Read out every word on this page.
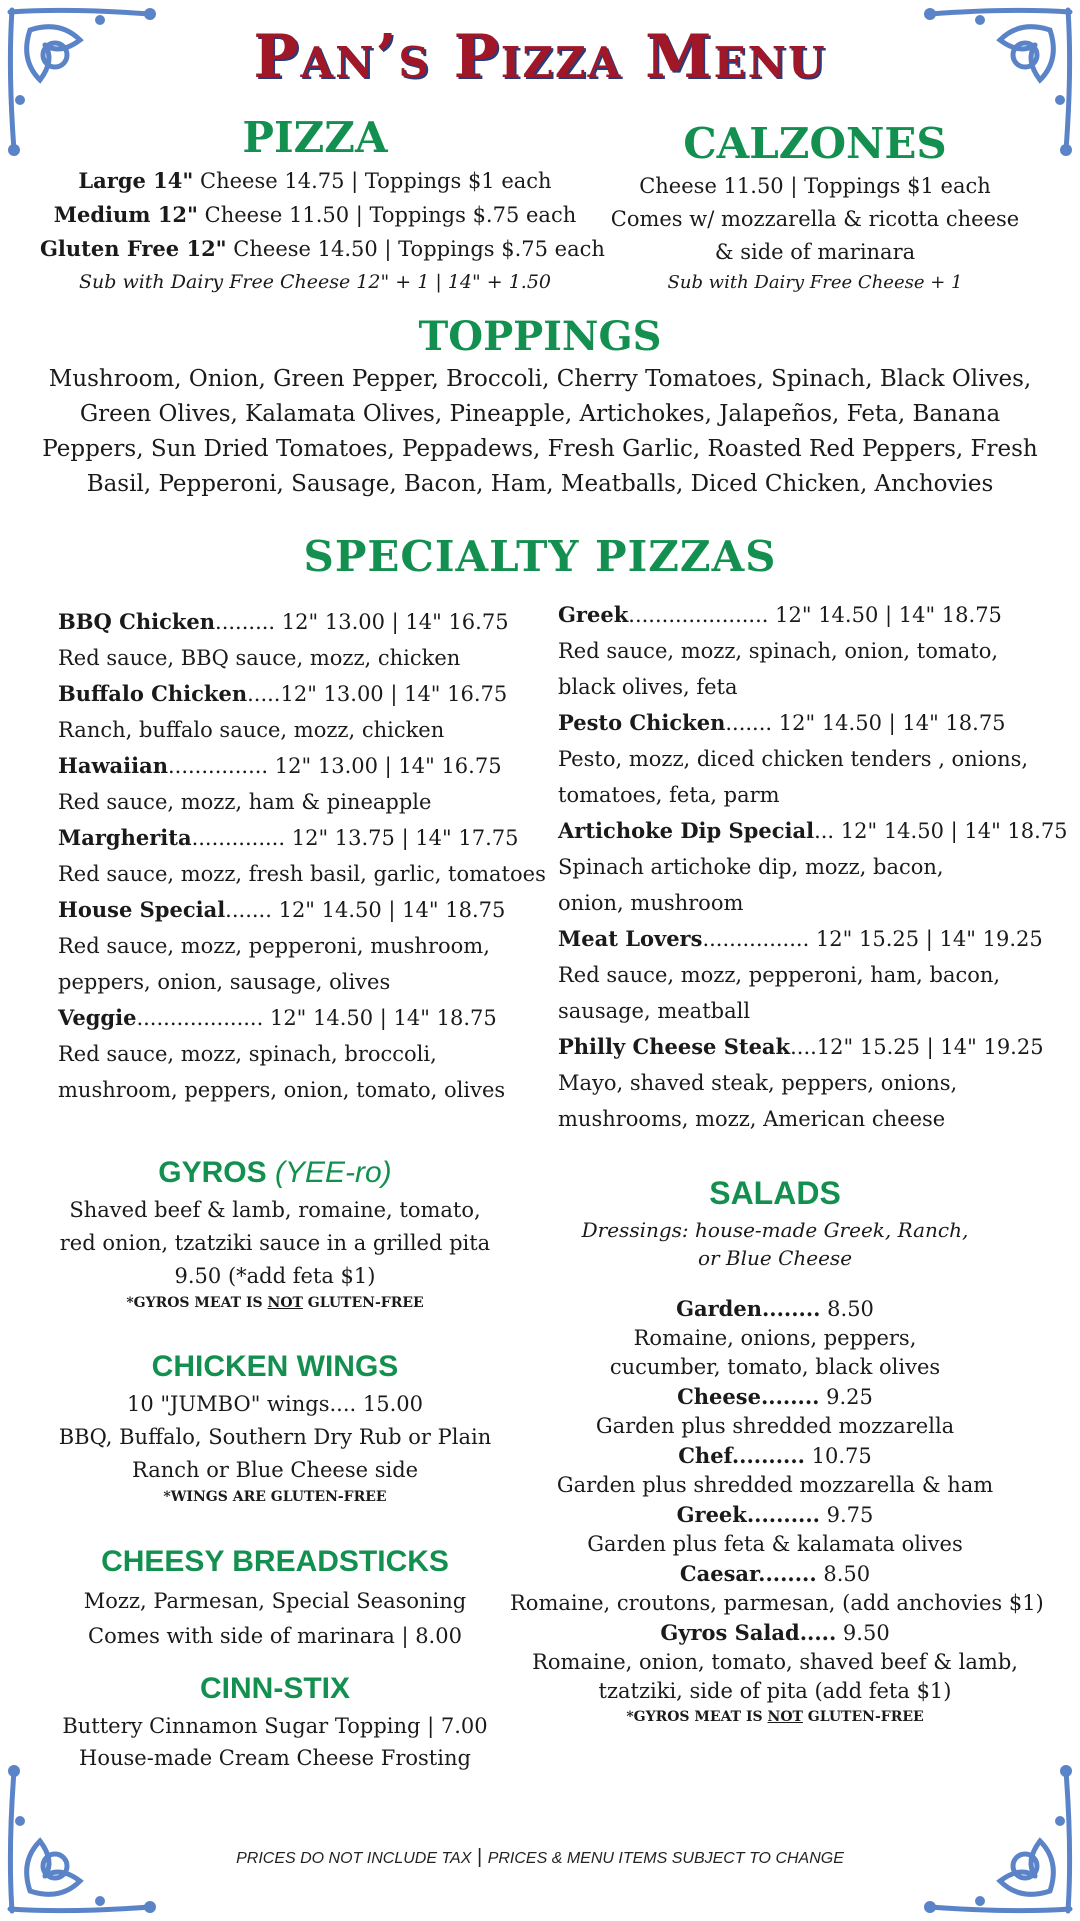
Pan’s Pizza Menu
PIZZA
Large 14" Cheese 14.75 | Toppings $1 each
Medium 12" Cheese 11.50 | Toppings $.75 each
Gluten Free 12" Cheese 14.50 | Toppings $.75 each
Sub with Dairy Free Cheese 12" + 1 | 14" + 1.50
CALZONES
Cheese 11.50 | Toppings $1 each
Comes w/ mozzarella & ricotta cheese
& side of marinara
Sub with Dairy Free Cheese + 1
TOPPINGS
Mushroom, Onion, Green Pepper, Broccoli, Cherry Tomatoes, Spinach, Black Olives,
Green Olives, Kalamata Olives, Pineapple, Artichokes, Jalapeños, Feta, Banana
Peppers, Sun Dried Tomatoes, Peppadews, Fresh Garlic, Roasted Red Peppers, Fresh
Basil, Pepperoni, Sausage, Bacon, Ham, Meatballs, Diced Chicken, Anchovies
SPECIALTY PIZZAS
BBQ Chicken......... 12" 13.00 | 14" 16.75
Red sauce, BBQ sauce, mozz, chicken
Buffalo Chicken.....12" 13.00 | 14" 16.75
Ranch, buffalo sauce, mozz, chicken
Hawaiian............... 12" 13.00 | 14" 16.75
Red sauce, mozz, ham & pineapple
Margherita.............. 12" 13.75 | 14" 17.75
Red sauce, mozz, fresh basil, garlic, tomatoes
House Special....... 12" 14.50 | 14" 18.75
Red sauce, mozz, pepperoni, mushroom,
peppers, onion, sausage, olives
Veggie................... 12" 14.50 | 14" 18.75
Red sauce, mozz, spinach, broccoli,
mushroom, peppers, onion, tomato, olives
Greek..................... 12" 14.50 | 14" 18.75
Red sauce, mozz, spinach, onion, tomato,
black olives, feta
Pesto Chicken....... 12" 14.50 | 14" 18.75
Pesto, mozz, diced chicken tenders , onions,
tomatoes, feta, parm
Artichoke Dip Special... 12" 14.50 | 14" 18.75
Spinach artichoke dip, mozz, bacon,
onion, mushroom
Meat Lovers................ 12" 15.25 | 14" 19.25
Red sauce, mozz, pepperoni, ham, bacon,
sausage, meatball
Philly Cheese Steak....12" 15.25 | 14" 19.25
Mayo, shaved steak, peppers, onions,
mushrooms, mozz, American cheese
GYROS (YEE-ro)
Shaved beef & lamb, romaine, tomato,
red onion, tzatziki sauce in a grilled pita
9.50 (*add feta $1)
*GYROS MEAT IS NOT GLUTEN-FREE
CHICKEN WINGS
10 "JUMBO" wings.... 15.00
BBQ, Buffalo, Southern Dry Rub or Plain
Ranch or Blue Cheese side
*WINGS ARE GLUTEN-FREE
CHEESY BREADSTICKS
Mozz, Parmesan, Special Seasoning
Comes with side of marinara | 8.00
CINN-STIX
Buttery Cinnamon Sugar Topping | 7.00
House-made Cream Cheese Frosting
SALADS
Dressings: house-made Greek, Ranch,
or Blue Cheese
Garden........ 8.50
Romaine, onions, peppers,
cucumber, tomato, black olives
Cheese........ 9.25
Garden plus shredded mozzarella
Chef.......... 10.75
Garden plus shredded mozzarella & ham
Greek.......... 9.75
Garden plus feta & kalamata olives
Caesar........ 8.50
Romaine, croutons, parmesan, (add anchovies $1)
Gyros Salad..... 9.50
Romaine, onion, tomato, shaved beef & lamb,
tzatziki, side of pita (add feta $1)
*GYROS MEAT IS NOT GLUTEN-FREE
PRICES DO NOT INCLUDE TAX | PRICES & MENU ITEMS SUBJECT TO CHANGE
